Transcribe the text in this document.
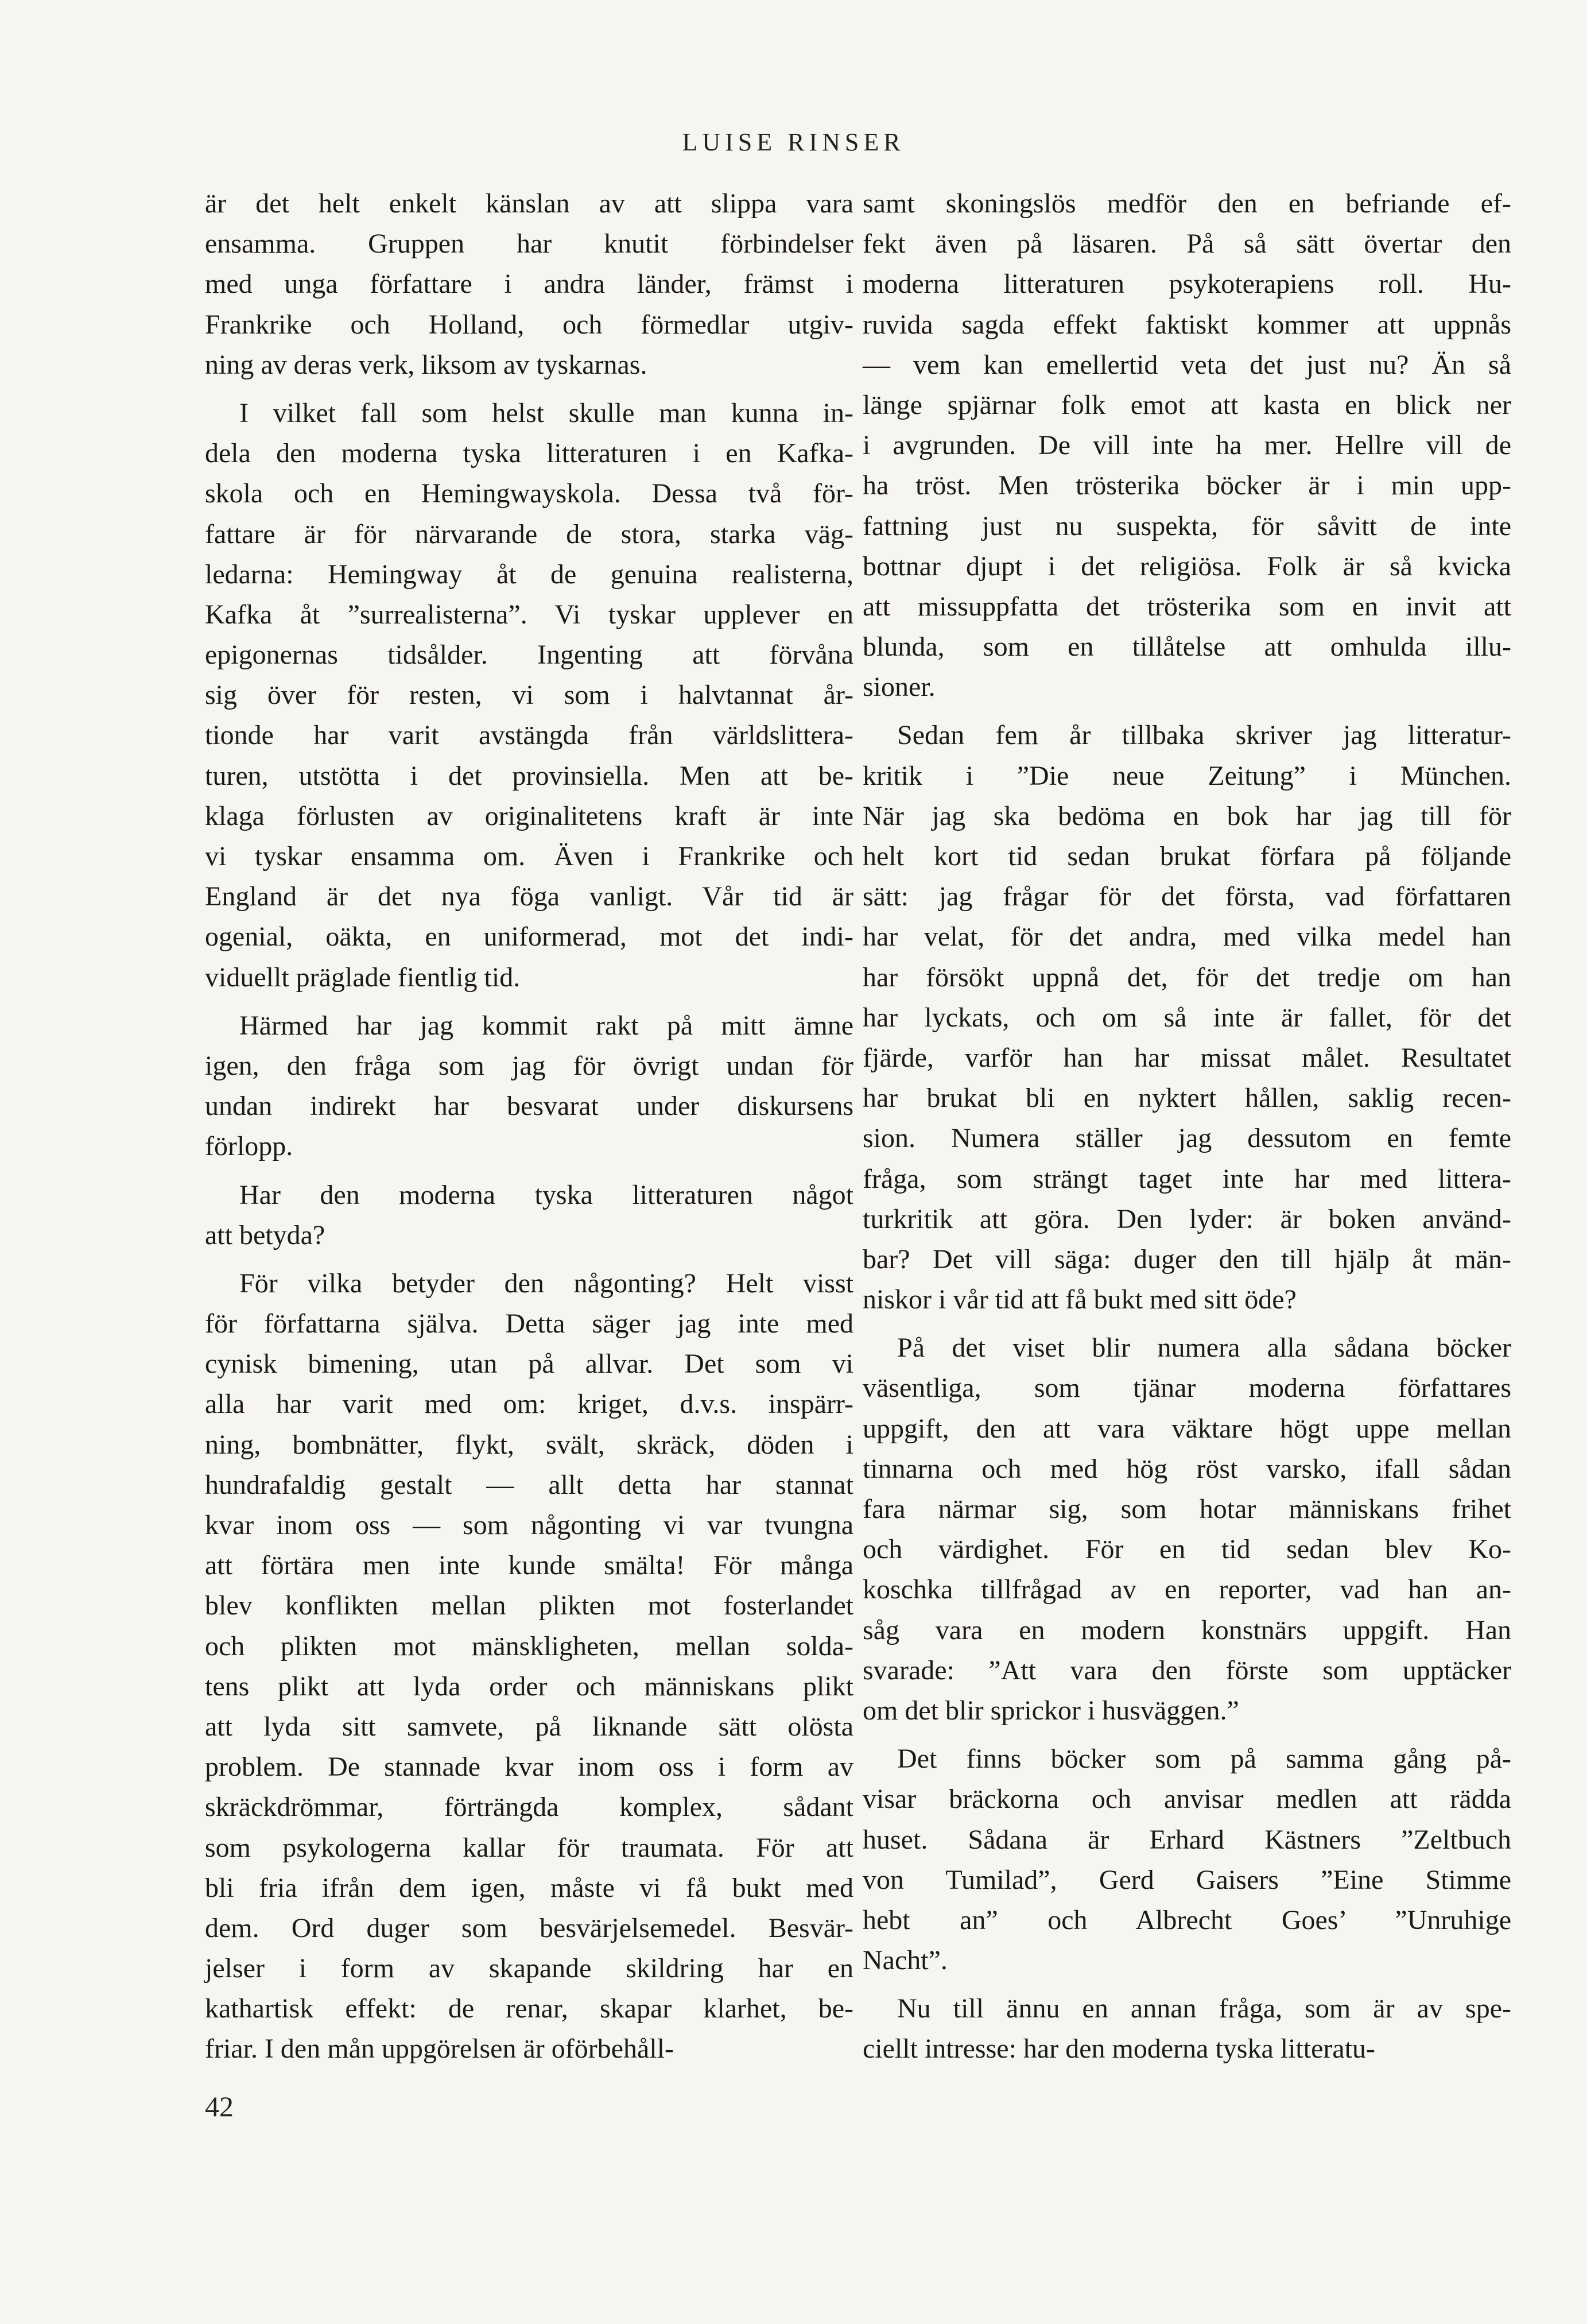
LUISE RINSER
är det helt enkelt känslan av att slippa vara
ensamma. Gruppen har knutit förbindelser
med unga författare i andra länder, främst i
Frankrike och Holland, och förmedlar utgiv-
ning av deras verk, liksom av tyskarnas.
I vilket fall som helst skulle man kunna in-
dela den moderna tyska litteraturen i en Kafka-
skola och en Hemingwayskola. Dessa två för-
fattare är för närvarande de stora, starka väg-
ledarna: Hemingway åt de genuina realisterna,
Kafka åt ”surrealisterna”. Vi tyskar upplever en
epigonernas tidsålder. Ingenting att förvåna
sig över för resten, vi som i halvtannat år-
tionde har varit avstängda från världslittera-
turen, utstötta i det provinsiella. Men att be-
klaga förlusten av originalitetens kraft är inte
vi tyskar ensamma om. Även i Frankrike och
England är det nya föga vanligt. Vår tid är
ogenial, oäkta, en uniformerad, mot det indi-
viduellt präglade fientlig tid.
Härmed har jag kommit rakt på mitt ämne
igen, den fråga som jag för övrigt undan för
undan indirekt har besvarat under diskursens
förlopp.
Har den moderna tyska litteraturen något
att betyda?
För vilka betyder den någonting? Helt visst
för författarna själva. Detta säger jag inte med
cynisk bimening, utan på allvar. Det som vi
alla har varit med om: kriget, d.v.s. inspärr-
ning, bombnätter, flykt, svält, skräck, döden i
hundrafaldig gestalt — allt detta har stannat
kvar inom oss — som någonting vi var tvungna
att förtära men inte kunde smälta! För många
blev konflikten mellan plikten mot fosterlandet
och plikten mot mänskligheten, mellan solda-
tens plikt att lyda order och människans plikt
att lyda sitt samvete, på liknande sätt olösta
problem. De stannade kvar inom oss i form av
skräckdrömmar, förträngda komplex, sådant
som psykologerna kallar för traumata. För att
bli fria ifrån dem igen, måste vi få bukt med
dem. Ord duger som besvärjelsemedel. Besvär-
jelser i form av skapande skildring har en
kathartisk effekt: de renar, skapar klarhet, be-
friar. I den mån uppgörelsen är oförbehåll-
samt skoningslös medför den en befriande ef-
fekt även på läsaren. På så sätt övertar den
moderna litteraturen psykoterapiens roll. Hu-
ruvida sagda effekt faktiskt kommer att uppnås
— vem kan emellertid veta det just nu? Än så
länge spjärnar folk emot att kasta en blick ner
i avgrunden. De vill inte ha mer. Hellre vill de
ha tröst. Men trösterika böcker är i min upp-
fattning just nu suspekta, för såvitt de inte
bottnar djupt i det religiösa. Folk är så kvicka
att missuppfatta det trösterika som en invit att
blunda, som en tillåtelse att omhulda illu-
sioner.
Sedan fem år tillbaka skriver jag litteratur-
kritik i ”Die neue Zeitung” i München.
När jag ska bedöma en bok har jag till för
helt kort tid sedan brukat förfara på följande
sätt: jag frågar för det första, vad författaren
har velat, för det andra, med vilka medel han
har försökt uppnå det, för det tredje om han
har lyckats, och om så inte är fallet, för det
fjärde, varför han har missat målet. Resultatet
har brukat bli en nyktert hållen, saklig recen-
sion. Numera ställer jag dessutom en femte
fråga, som strängt taget inte har med littera-
turkritik att göra. Den lyder: är boken använd-
bar? Det vill säga: duger den till hjälp åt män-
niskor i vår tid att få bukt med sitt öde?
På det viset blir numera alla sådana böcker
väsentliga, som tjänar moderna författares
uppgift, den att vara väktare högt uppe mellan
tinnarna och med hög röst varsko, ifall sådan
fara närmar sig, som hotar människans frihet
och värdighet. För en tid sedan blev Ko-
koschka tillfrågad av en reporter, vad han an-
såg vara en modern konstnärs uppgift. Han
svarade: ”Att vara den förste som upptäcker
om det blir sprickor i husväggen.”
Det finns böcker som på samma gång på-
visar bräckorna och anvisar medlen att rädda
huset. Sådana är Erhard Kästners ”Zeltbuch
von Tumilad”, Gerd Gaisers ”Eine Stimme
hebt an” och Albrecht Goes’ ”Unruhige
Nacht”.
Nu till ännu en annan fråga, som är av spe-
ciellt intresse: har den moderna tyska litteratu-
42
